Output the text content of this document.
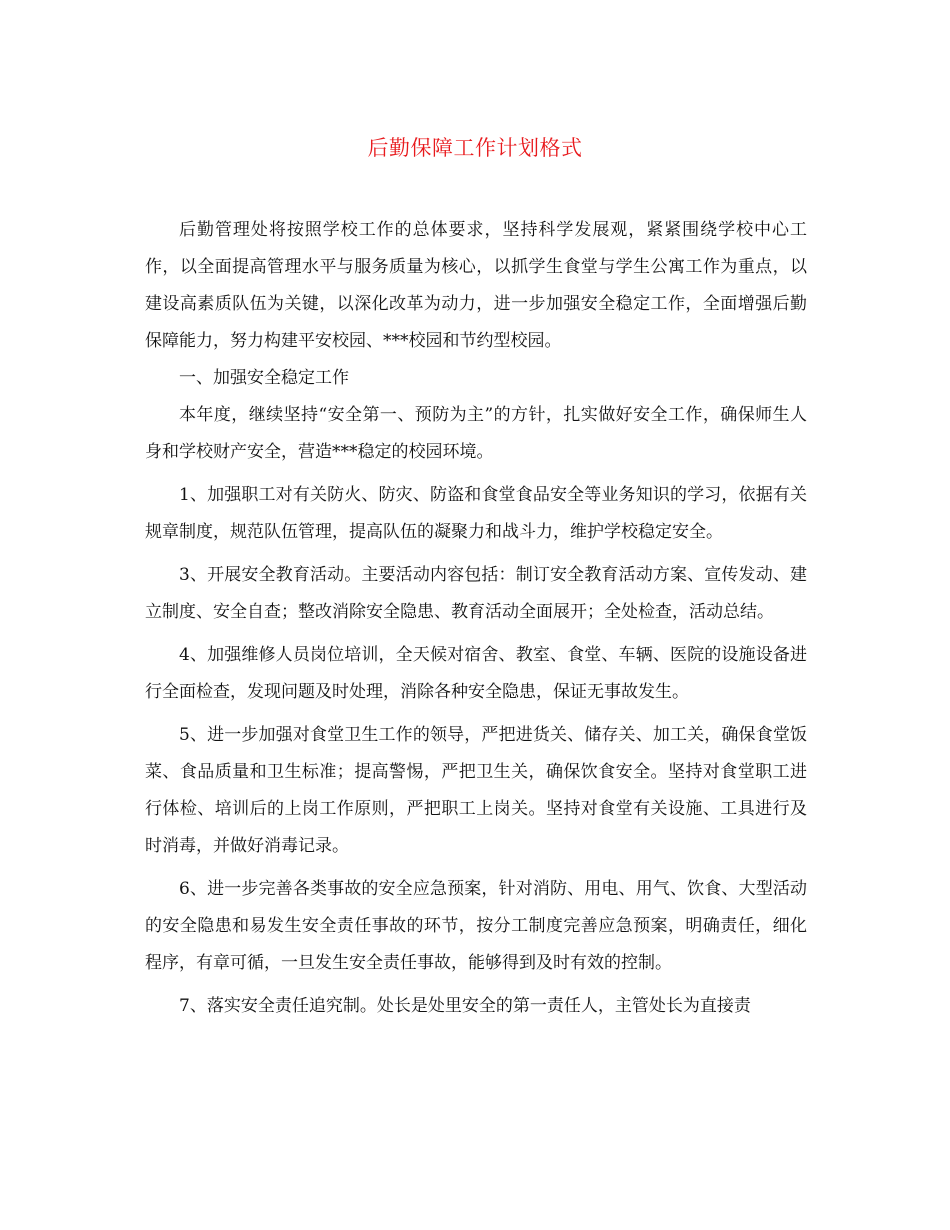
后勤保障工作计划格式

后勤管理处将按照学校工作的总体要求，坚持科学发展观，紧紧围绕学校中心工作，以全面提高管理水平与服务质量为核心，以抓学生食堂与学生公寓工作为重点，以建设高素质队伍为关键，以深化改革为动力，进一步加强安全稳定工作，全面增强后勤保障能力，努力构建平安校园、***校园和节约型校园。

一、加强安全稳定工作

本年度，继续坚持“安全第一、预防为主”的方针，扎实做好安全工作，确保师生人身和学校财产安全，营造***稳定的校园环境。

1、加强职工对有关防火、防灾、防盗和食堂食品安全等业务知识的学习，依据有关规章制度，规范队伍管理，提高队伍的凝聚力和战斗力，维护学校稳定安全。

3、开展安全教育活动。主要活动内容包括：制订安全教育活动方案、宣传发动、建立制度、安全自查；整改消除安全隐患、教育活动全面展开；全处检查，活动总结。

4、加强维修人员岗位培训，全天候对宿舍、教室、食堂、车辆、医院的设施设备进行全面检查，发现问题及时处理，消除各种安全隐患，保证无事故发生。

5、进一步加强对食堂卫生工作的领导，严把进货关、储存关、加工关，确保食堂饭菜、食品质量和卫生标准；提高警惕，严把卫生关，确保饮食安全。坚持对食堂职工进行体检、培训后的上岗工作原则，严把职工上岗关。坚持对食堂有关设施、工具进行及时消毒，并做好消毒记录。

6、进一步完善各类事故的安全应急预案，针对消防、用电、用气、饮食、大型活动的安全隐患和易发生安全责任事故的环节，按分工制度完善应急预案，明确责任，细化程序，有章可循，一旦发生安全责任事故，能够得到及时有效的控制。

7、落实安全责任追究制。处长是处里安全的第一责任人，主管处长为直接责
